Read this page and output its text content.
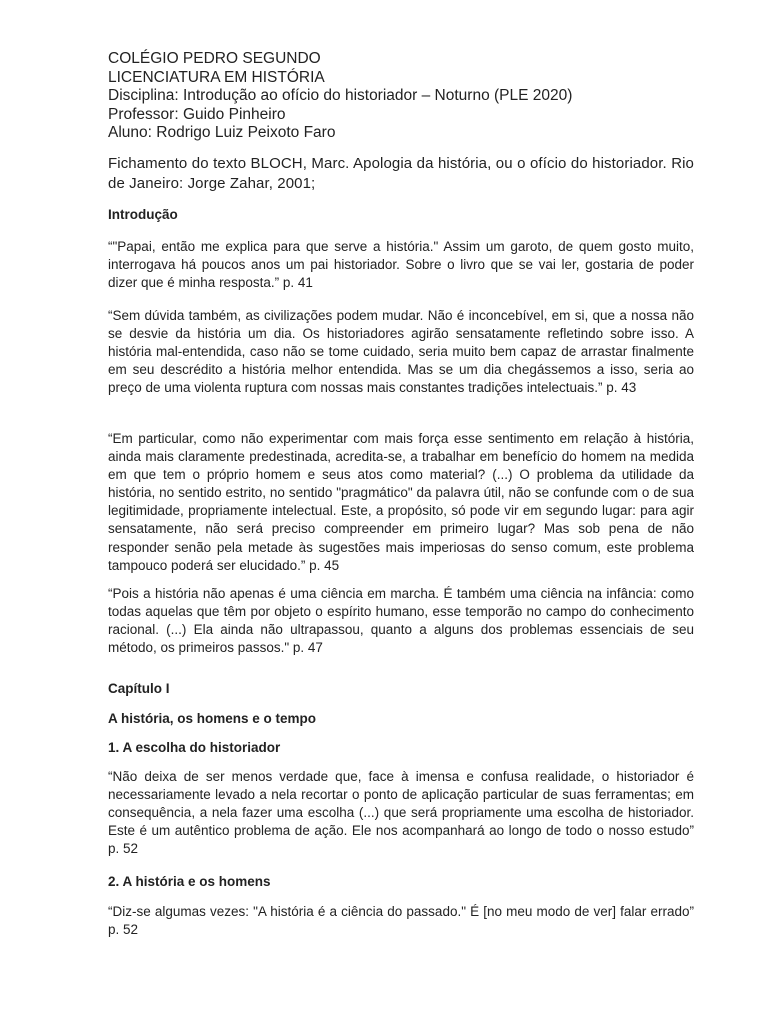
COLÉGIO PEDRO SEGUNDO
LICENCIATURA EM HISTÓRIA
Disciplina: Introdução ao ofício do historiador – Noturno (PLE 2020)
Professor: Guido Pinheiro
Aluno: Rodrigo Luiz Peixoto Faro
Fichamento do texto BLOCH, Marc. Apologia da história, ou o ofício do historiador. Rio de Janeiro: Jorge Zahar, 2001;
Introdução
“"Papai, então me explica para que serve a história." Assim um garoto, de quem gosto muito, interrogava há poucos anos um pai historiador. Sobre o livro que se vai ler, gostaria de poder dizer que é minha resposta.” p. 41
“Sem dúvida também, as civilizações podem mudar. Não é inconcebível, em si, que a nossa não se desvie da história um dia. Os historiadores agirão sensatamente refletindo sobre isso. A história mal-entendida, caso não se tome cuidado, seria muito bem capaz de arrastar finalmente em seu descrédito a história melhor entendida. Mas se um dia chegássemos a isso, seria ao preço de uma violenta ruptura com nossas mais constantes tradições intelectuais.” p. 43
“Em particular, como não experimentar com mais força esse sentimento em relação à história, ainda mais claramente predestinada, acredita-se, a trabalhar em benefício do homem na medida em que tem o próprio homem e seus atos como material? (...) O problema da utilidade da história, no sentido estrito, no sentido "pragmático" da palavra útil, não se confunde com o de sua legitimidade, propriamente intelectual. Este, a propósito, só pode vir em segundo lugar: para agir sensatamente, não será preciso compreender em primeiro lugar? Mas sob pena de não responder senão pela metade às sugestões mais imperiosas do senso comum, este problema tampouco poderá ser elucidado.” p. 45
“Pois a história não apenas é uma ciência em marcha. É também uma ciência na infância: como todas aquelas que têm por objeto o espírito humano, esse temporão no campo do conhecimento racional. (...) Ela ainda não ultrapassou, quanto a alguns dos problemas essenciais de seu método, os primeiros passos." p. 47
Capítulo I
A história, os homens e o tempo
1. A escolha do historiador
“Não deixa de ser menos verdade que, face à imensa e confusa realidade, o historiador é necessariamente levado a nela recortar o ponto de aplicação particular de suas ferramentas; em consequência, a nela fazer uma escolha (...) que será propriamente uma escolha de historiador. Este é um autêntico problema de ação. Ele nos acompanhará ao longo de todo o nosso estudo” p. 52
2. A história e os homens
“Diz-se algumas vezes: "A história é a ciência do passado." É [no meu modo de ver] falar errado” p. 52
